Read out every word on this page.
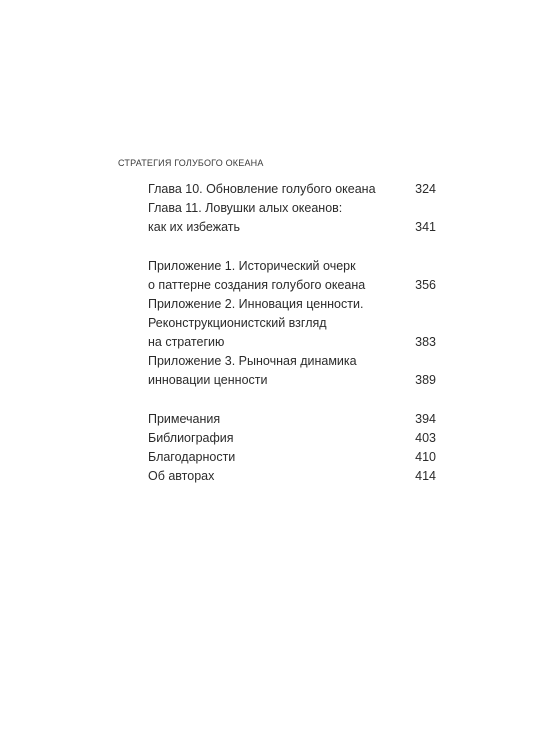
СТРАТЕГИЯ ГОЛУБОГО ОКЕАНА
Глава 10. Обновление голубого океана	324
Глава 11. Ловушки алых океанов:
как их избежать	341
Приложение 1. Исторический очерк
о паттерне создания голубого океана	356
Приложение 2. Инновация ценности.
Реконструкционистский взгляд
на стратегию	383
Приложение 3. Рыночная динамика
инновации ценности	389
Примечания	394
Библиография	403
Благодарности	410
Об авторах	414
